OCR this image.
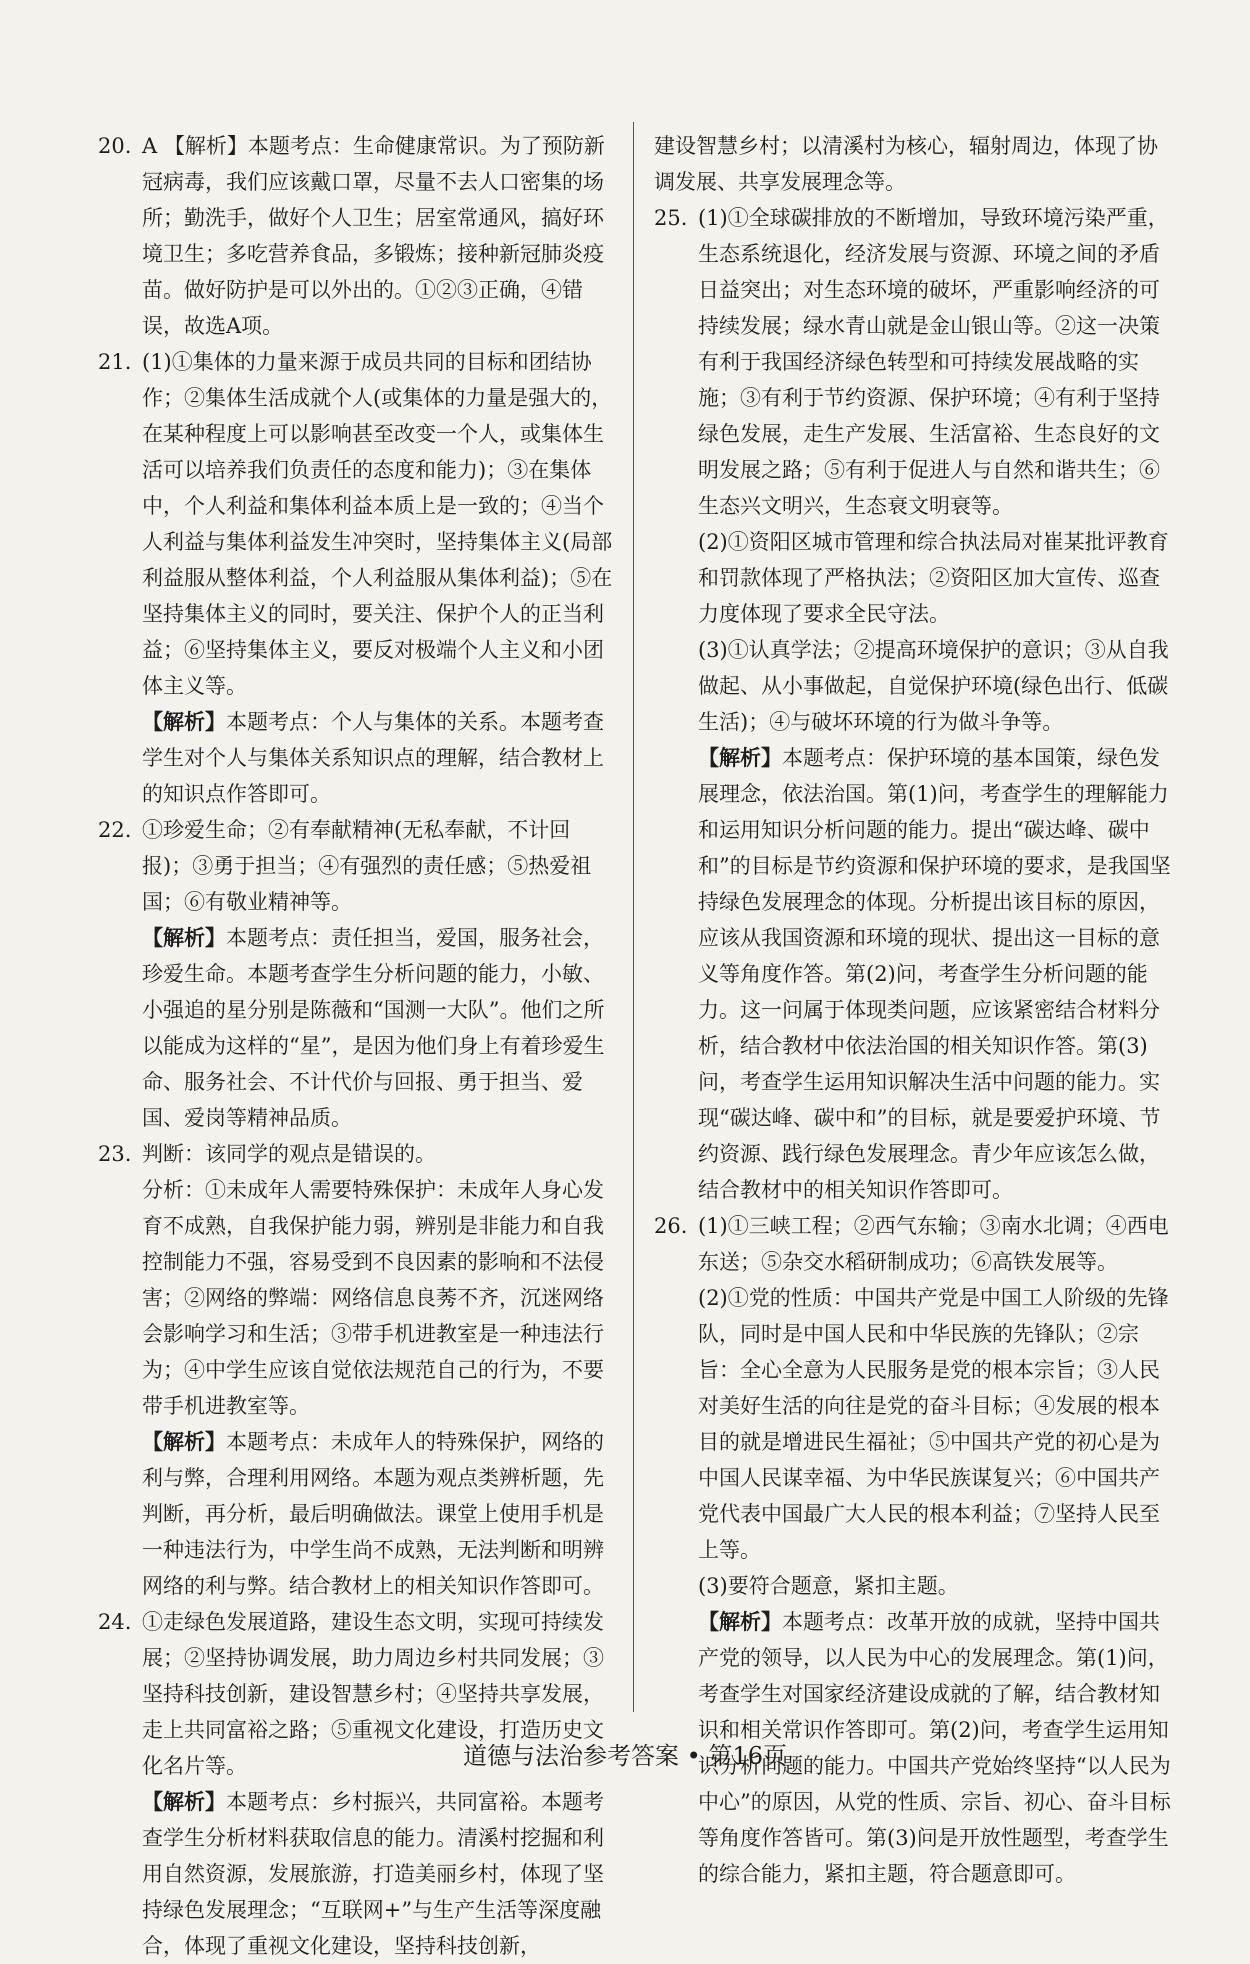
20. A 【解析】本题考点：生命健康常识。为了预防新冠病毒，我们应该戴口罩，尽量不去人口密集的场所；勤洗手，做好个人卫生；居室常通风，搞好环境卫生；多吃营养食品，多锻炼；接种新冠肺炎疫苗。做好防护是可以外出的。①②③正确，④错误，故选A项。

21. (1)①集体的力量来源于成员共同的目标和团结协作；②集体生活成就个人(或集体的力量是强大的，在某种程度上可以影响甚至改变一个人，或集体生活可以培养我们负责任的态度和能力)；③在集体中，个人利益和集体利益本质上是一致的；④当个人利益与集体利益发生冲突时，坚持集体主义(局部利益服从整体利益，个人利益服从集体利益)；⑤在坚持集体主义的同时，要关注、保护个人的正当利益；⑥坚持集体主义，要反对极端个人主义和小团体主义等。

【解析】本题考点：个人与集体的关系。本题考查学生对个人与集体关系知识点的理解，结合教材上的知识点作答即可。

22. ①珍爱生命；②有奉献精神(无私奉献，不计回报)；③勇于担当；④有强烈的责任感；⑤热爱祖国；⑥有敬业精神等。

【解析】本题考点：责任担当，爱国，服务社会，珍爱生命。本题考查学生分析问题的能力，小敏、小强追的星分别是陈薇和“国测一大队”。他们之所以能成为这样的“星”，是因为他们身上有着珍爱生命、服务社会、不计代价与回报、勇于担当、爱国、爱岗等精神品质。

23. 判断：该同学的观点是错误的。

分析：①未成年人需要特殊保护：未成年人身心发育不成熟，自我保护能力弱，辨别是非能力和自我控制能力不强，容易受到不良因素的影响和不法侵害；②网络的弊端：网络信息良莠不齐，沉迷网络会影响学习和生活；③带手机进教室是一种违法行为；④中学生应该自觉依法规范自己的行为，不要带手机进教室等。

【解析】本题考点：未成年人的特殊保护，网络的利与弊，合理利用网络。本题为观点类辨析题，先判断，再分析，最后明确做法。课堂上使用手机是一种违法行为，中学生尚不成熟，无法判断和明辨网络的利与弊。结合教材上的相关知识作答即可。

24. ①走绿色发展道路，建设生态文明，实现可持续发展；②坚持协调发展，助力周边乡村共同发展；③坚持科技创新，建设智慧乡村；④坚持共享发展，走上共同富裕之路；⑤重视文化建设，打造历史文化名片等。

【解析】本题考点：乡村振兴，共同富裕。本题考查学生分析材料获取信息的能力。清溪村挖掘和利用自然资源，发展旅游，打造美丽乡村，体现了坚持绿色发展理念；“互联网+”与生产生活等深度融合，体现了重视文化建设，坚持科技创新，

建设智慧乡村；以清溪村为核心，辐射周边，体现了协调发展、共享发展理念等。

25. (1)①全球碳排放的不断增加，导致环境污染严重，生态系统退化，经济发展与资源、环境之间的矛盾日益突出；对生态环境的破坏，严重影响经济的可持续发展；绿水青山就是金山银山等。②这一决策有利于我国经济绿色转型和可持续发展战略的实施；③有利于节约资源、保护环境；④有利于坚持绿色发展，走生产发展、生活富裕、生态良好的文明发展之路；⑤有利于促进人与自然和谐共生；⑥生态兴文明兴，生态衰文明衰等。

(2)①资阳区城市管理和综合执法局对崔某批评教育和罚款体现了严格执法；②资阳区加大宣传、巡查力度体现了要求全民守法。

(3)①认真学法；②提高环境保护的意识；③从自我做起、从小事做起，自觉保护环境(绿色出行、低碳生活)；④与破坏环境的行为做斗争等。

【解析】本题考点：保护环境的基本国策，绿色发展理念，依法治国。第(1)问，考查学生的理解能力和运用知识分析问题的能力。提出“碳达峰、碳中和”的目标是节约资源和保护环境的要求，是我国坚持绿色发展理念的体现。分析提出该目标的原因，应该从我国资源和环境的现状、提出这一目标的意义等角度作答。第(2)问，考查学生分析问题的能力。这一问属于体现类问题，应该紧密结合材料分析，结合教材中依法治国的相关知识作答。第(3)问，考查学生运用知识解决生活中问题的能力。实现“碳达峰、碳中和”的目标，就是要爱护环境、节约资源、践行绿色发展理念。青少年应该怎么做，结合教材中的相关知识作答即可。

26. (1)①三峡工程；②西气东输；③南水北调；④西电东送；⑤杂交水稻研制成功；⑥高铁发展等。

(2)①党的性质：中国共产党是中国工人阶级的先锋队，同时是中国人民和中华民族的先锋队；②宗旨：全心全意为人民服务是党的根本宗旨；③人民对美好生活的向往是党的奋斗目标；④发展的根本目的就是增进民生福祉；⑤中国共产党的初心是为中国人民谋幸福、为中华民族谋复兴；⑥中国共产党代表中国最广大人民的根本利益；⑦坚持人民至上等。

(3)要符合题意，紧扣主题。

【解析】本题考点：改革开放的成就，坚持中国共产党的领导，以人民为中心的发展理念。第(1)问，考查学生对国家经济建设成就的了解，结合教材知识和相关常识作答即可。第(2)问，考查学生运用知识分析问题的能力。中国共产党始终坚持“以人民为中心”的原因，从党的性质、宗旨、初心、奋斗目标等角度作答皆可。第(3)问是开放性题型，考查学生的综合能力，紧扣主题，符合题意即可。

道德与法治参考答案 • 第16页
